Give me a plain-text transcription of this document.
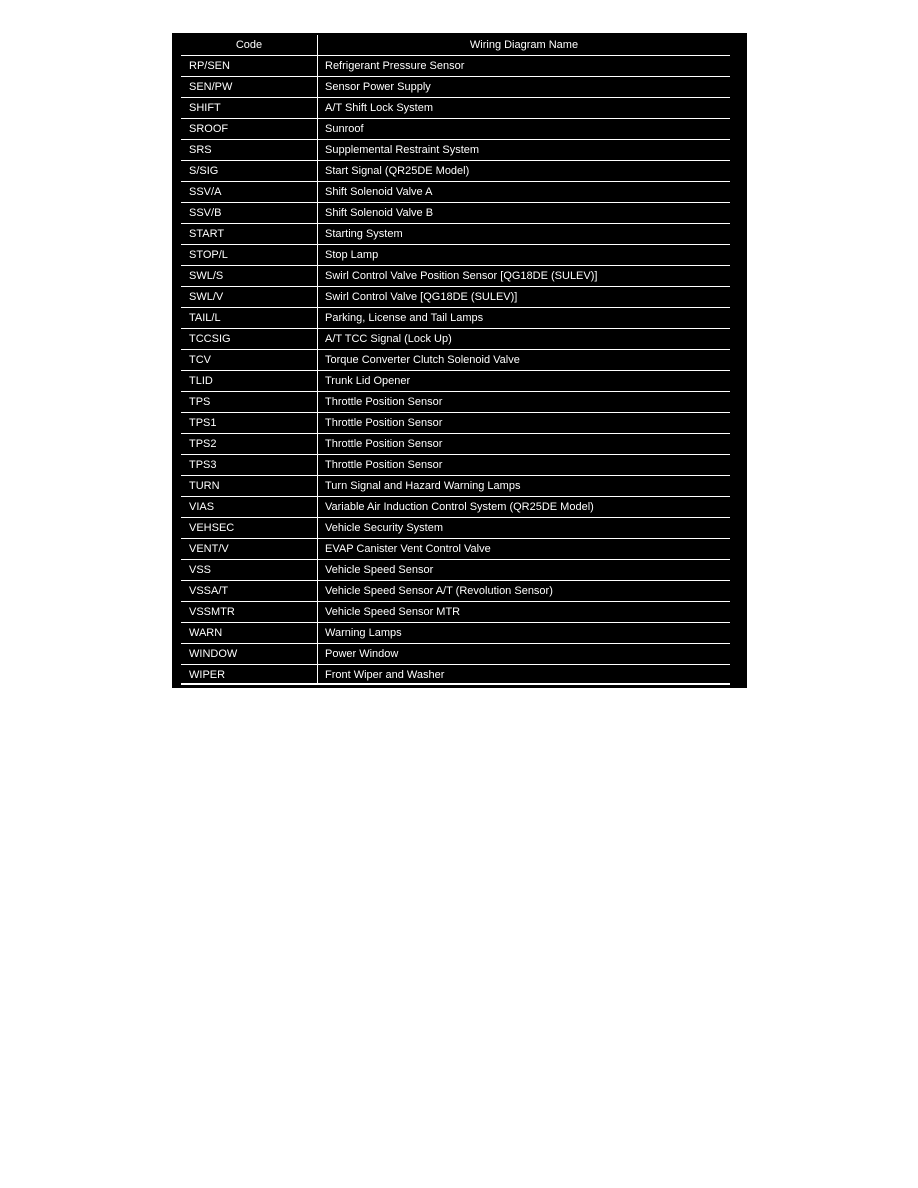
Code	Wiring Diagram Name
RP/SEN	Refrigerant Pressure Sensor
SEN/PW	Sensor Power Supply
SHIFT	A/T Shift Lock System
SROOF	Sunroof
SRS	Supplemental Restraint System
S/SIG	Start Signal (QR25DE Model)
SSV/A	Shift Solenoid Valve A
SSV/B	Shift Solenoid Valve B
START	Starting System
STOP/L	Stop Lamp
SWL/S	Swirl Control Valve Position Sensor [QG18DE (SULEV)]
SWL/V	Swirl Control Valve [QG18DE (SULEV)]
TAIL/L	Parking, License and Tail Lamps
TCCSIG	A/T TCC Signal (Lock Up)
TCV	Torque Converter Clutch Solenoid Valve
TLID	Trunk Lid Opener
TPS	Throttle Position Sensor
TPS1	Throttle Position Sensor
TPS2	Throttle Position Sensor
TPS3	Throttle Position Sensor
TURN	Turn Signal and Hazard Warning Lamps
VIAS	Variable Air Induction Control System (QR25DE Model)
VEHSEC	Vehicle Security System
VENT/V	EVAP Canister Vent Control Valve
VSS	Vehicle Speed Sensor
VSSA/T	Vehicle Speed Sensor A/T (Revolution Sensor)
VSSMTR	Vehicle Speed Sensor MTR
WARN	Warning Lamps
WINDOW	Power Window
WIPER	Front Wiper and Washer
